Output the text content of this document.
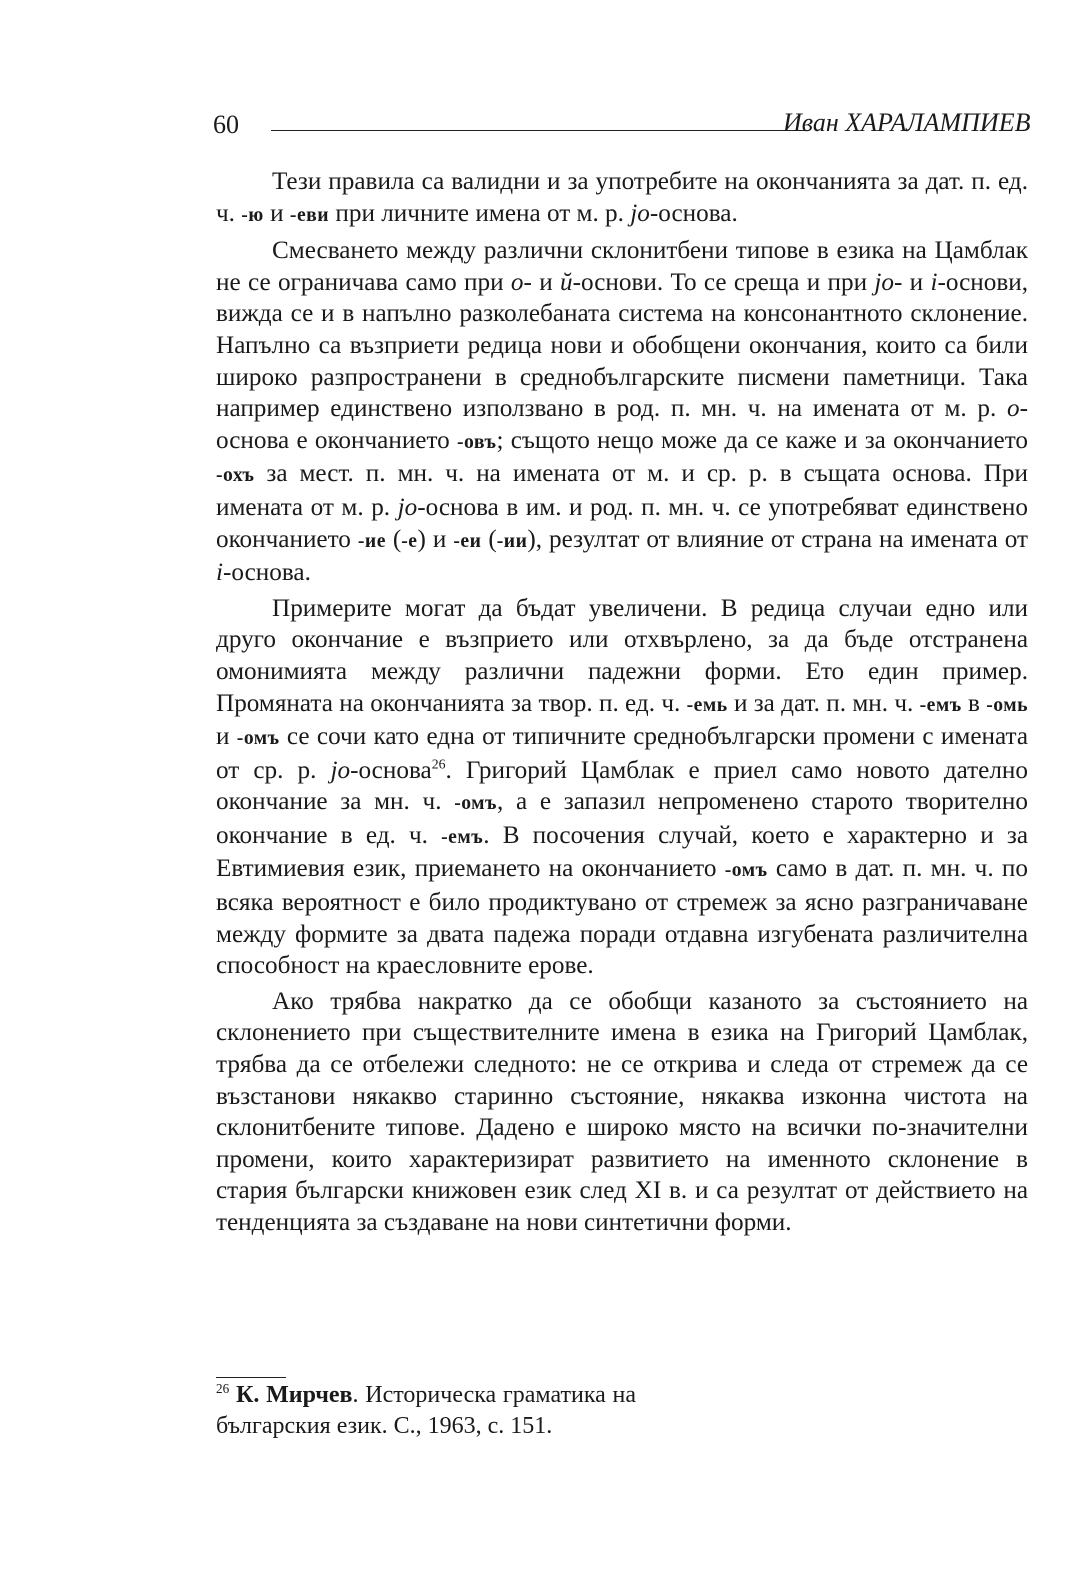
60	Иван ХАРАЛАМПИЕВ

Тези правила са валидни и за употребите на окончанията за дат. п. ед. ч. -ю и -еви при личните имена от м. р. jo-основа.

Смесването между различни склонитбени типове в езика на Цамблак не се ограничава само при о- и ŭ-основи. То се среща и при jo- и i-основи, вижда се и в напълно разколебаната система на консонантното склонение. Напълно са възприети редица нови и обобщени окончания, които са били широко разпространени в среднобългарските писмени паметници. Така например единствено използвано в род. п. мн. ч. на имената от м. р. о-основа е окончанието -овъ; същото нещо може да се каже и за окончанието -охъ за мест. п. мн. ч. на имената от м. и ср. р. в същата основа. При имената от м. р. jo-основа в им. и род. п. мн. ч. се употребяват единствено окончанието -ие (-е) и -еи (-ии), резултат от влияние от страна на имената от i-основа.

Примерите могат да бъдат увеличени. В редица случаи едно или друго окончание е възприето или отхвърлено, за да бъде отстранена омонимията между различни падежни форми. Ето един пример. Промяната на окончанията за твор. п. ед. ч. -емь и за дат. п. мн. ч. -емъ в -омь и -омъ се сочи като една от типичните среднобългарски промени с имената от ср. р. jo-основа$^{26}$. Григорий Цамблак е приел само новото дателно окончание за мн. ч. -омъ, а е запазил непроменено старото творително окончание в ед. ч. -емъ. В посочения случай, което е характерно и за Евтимиевия език, приемането на окончанието -омъ само в дат. п. мн. ч. по всяка вероятност е било продиктувано от стремеж за ясно разграничаване между формите за двата падежа поради отдавна изгубената различителна способност на краесловните ерове.

Ако трябва накратко да се обобщи казаното за състоянието на склонението при съществителните имена в езика на Григорий Цамблак, трябва да се отбележи следното: не се открива и следа от стремеж да се възстанови някакво старинно състояние, някаква изконна чистота на склонитбените типове. Дадено е широко място на всички по-значителни промени, които характеризират развитието на именното склонение в стария български книжовен език след XI в. и са резултат от действието на тенденцията за създаване на нови синтетични форми.

$^{26}$ К. Мирчев. Историческа граматика на българския език. С., 1963, с. 151.
